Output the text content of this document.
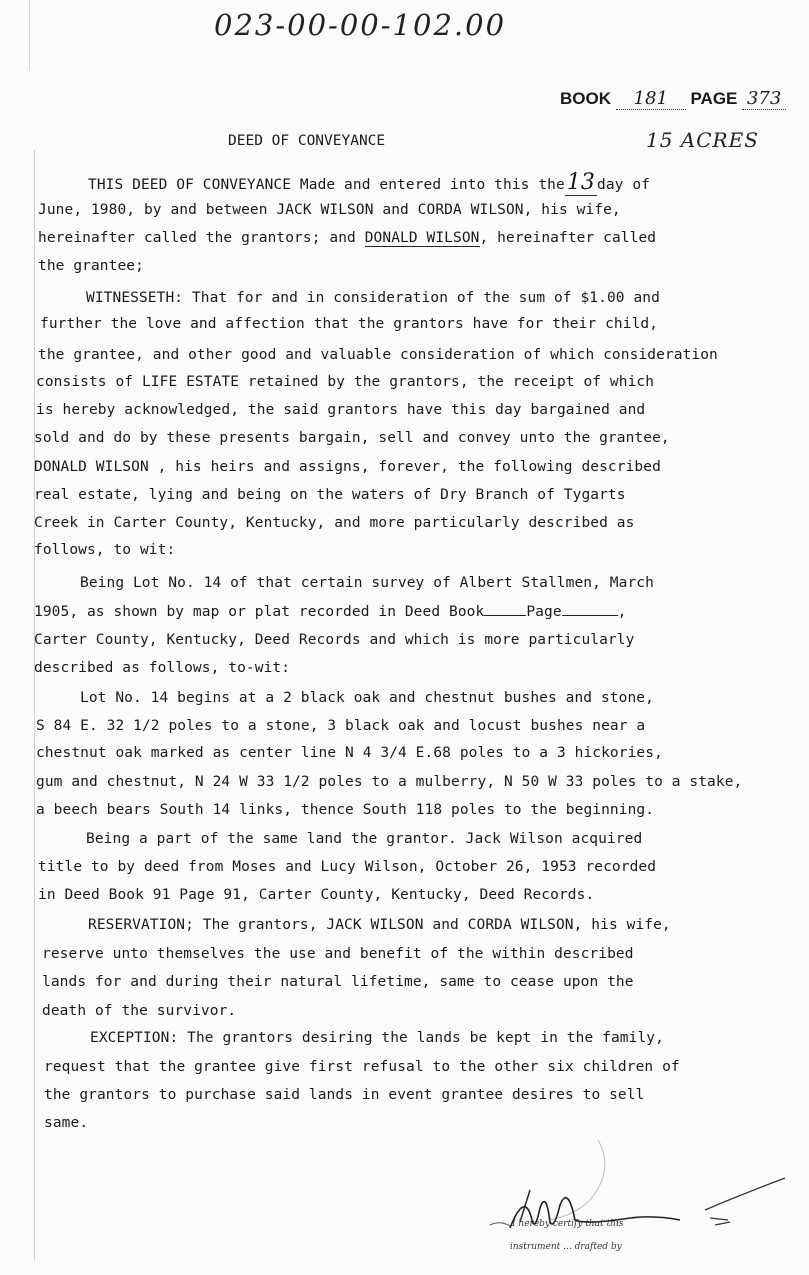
023-00-00-102.00
BOOK 181 PAGE 373
15 ACRES
DEED OF CONVEYANCE
THIS DEED OF CONVEYANCE Made and entered into this the13 day of
June, 1980, by and between JACK WILSON and CORDA WILSON, his wife,
hereinafter called the grantors; and DONALD WILSON, hereinafter called
the grantee;
WITNESSETH: That for and in consideration of the sum of $1.00 and
further the love and affection that the grantors have for their child,
the grantee, and other good and valuable consideration of which consideration
consists of LIFE ESTATE retained by the grantors, the receipt of which
is hereby acknowledged, the said grantors have this day bargained and
sold and do by these presents bargain, sell and convey unto the grantee,
DONALD WILSON , his heirs and assigns, forever, the following described
real estate, lying and being on the waters of Dry Branch of Tygarts
Creek in Carter County, Kentucky, and more particularly described as
follows, to wit:
Being Lot No. 14 of that certain survey of Albert Stallmen, March
1905, as shown by map or plat recorded in Deed Book	Page	,
Carter County, Kentucky, Deed Records and which is more particularly
described as follows, to-wit:
Lot No. 14 begins at a 2 black oak and chestnut bushes and stone,
S 84 E. 32 1/2 poles to a stone, 3 black oak and locust bushes near a
chestnut oak marked as center line N 4 3/4 E.68 poles to a 3 hickories,
gum and chestnut, N 24 W 33 1/2 poles to a mulberry, N 50 W 33 poles to a stake,
a beech bears South 14 links, thence South 118 poles to the beginning.
Being a part of the same land the grantor. Jack Wilson acquired
title to by deed from Moses and Lucy Wilson, October 26, 1953 recorded
in Deed Book 91 Page 91, Carter County, Kentucky, Deed Records.
RESERVATION; The grantors, JACK WILSON and CORDA WILSON, his wife,
reserve unto themselves the use and benefit of the within described
lands for and during their natural lifetime, same to cease upon the
death of the survivor.
EXCEPTION: The grantors desiring the lands be kept in the family,
request that the grantee give first refusal to the other six children of
the grantors to purchase said lands in event grantee desires to sell
same.
I hereby certify that this
instrument ... drafted by
